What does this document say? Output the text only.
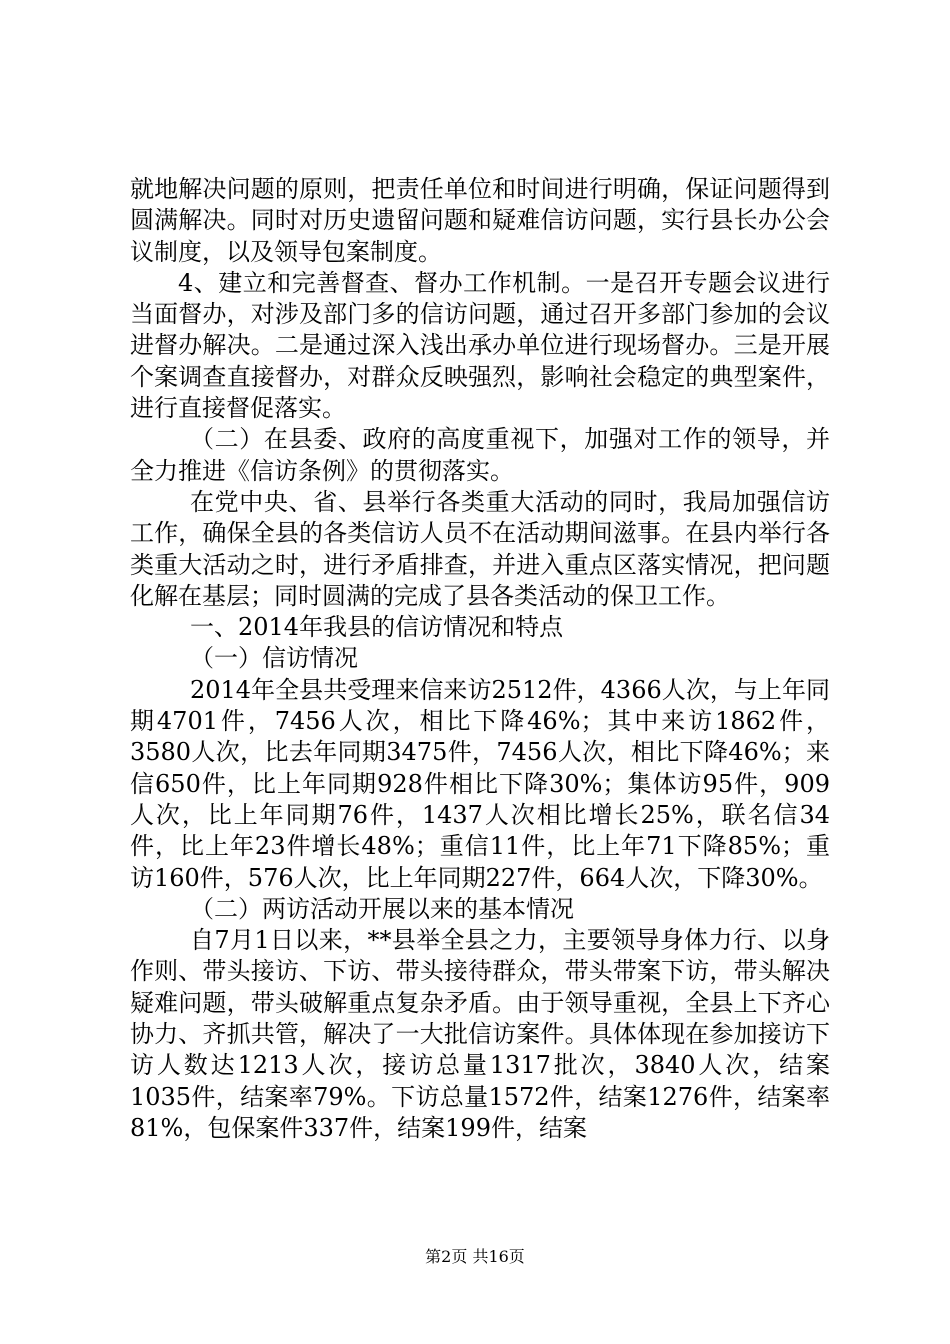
就地解决问题的原则，把责任单位和时间进行明确，保证问题得到圆满解决。同时对历史遗留问题和疑难信访问题，实行县长办公会议制度，以及领导包案制度。

4、建立和完善督查、督办工作机制。一是召开专题会议进行当面督办，对涉及部门多的信访问题，通过召开多部门参加的会议进督办解决。二是通过深入浅出承办单位进行现场督办。三是开展个案调查直接督办，对群众反映强烈，影响社会稳定的典型案件，进行直接督促落实。

（二）在县委、政府的高度重视下，加强对工作的领导，并全力推进《信访条例》的贯彻落实。

在党中央、省、县举行各类重大活动的同时，我局加强信访工作，确保全县的各类信访人员不在活动期间滋事。在县内举行各类重大活动之时，进行矛盾排查，并进入重点区落实情况，把问题化解在基层；同时圆满的完成了县各类活动的保卫工作。

一、2014年我县的信访情况和特点

（一）信访情况

2014年全县共受理来信来访2512件，4366人次，与上年同期4701件，7456人次，相比下降46%；其中来访1862件，3580人次，比去年同期3475件，7456人次，相比下降46%；来信650件，比上年同期928件相比下降30%；集体访95件，909人次，比上年同期76件，1437人次相比增长25%，联名信34件，比上年23件增长48%；重信11件，比上年71下降85%；重访160件，576人次，比上年同期227件，664人次，下降30%。

（二）两访活动开展以来的基本情况

自7月1日以来，**县举全县之力，主要领导身体力行、以身作则、带头接访、下访、带头接待群众，带头带案下访，带头解决疑难问题，带头破解重点复杂矛盾。由于领导重视，全县上下齐心协力、齐抓共管，解决了一大批信访案件。具体体现在参加接访下访人数达1213人次，接访总量1317批次，3840人次，结案1035件，结案率79%。下访总量1572件，结案1276件，结案率81%，包保案件337件，结案199件，结案

第2页 共16页
